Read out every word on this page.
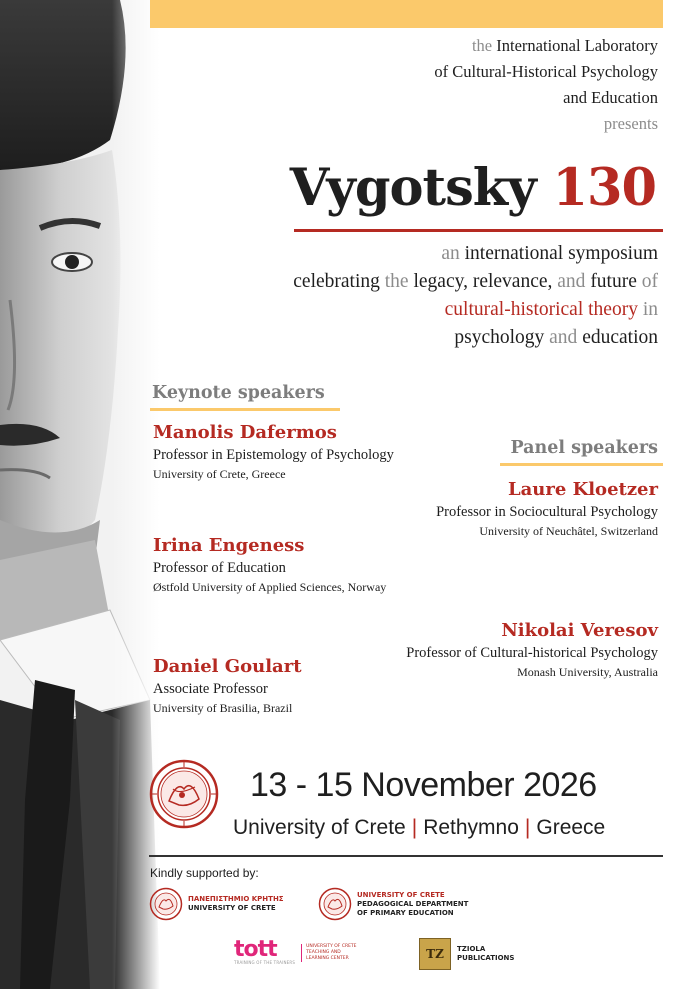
the International Laboratory
of Cultural-Historical Psychology
and Education
presents
Vygotsky 130
an international symposium
celebrating the legacy, relevance, and future of
cultural-historical theory in
psychology and education
Keynote speakers
Manolis Dafermos
Professor in Epistemology of Psychology
University of Crete, Greece
Irina Engeness
Professor of Education
Østfold University of Applied Sciences, Norway
Daniel Goulart
Associate Professor
University of Brasilia, Brazil
Panel speakers
Laure Kloetzer
Professor in Sociocultural Psychology
University of Neuchâtel, Switzerland
Nikolai Veresov
Professor of Cultural-historical Psychology
Monash University, Australia
13 - 15 November 2026
University of Crete | Rethymno | Greece
Kindly supported by:
ΠΑΝΕΠΙΣΤΗΜΙΟ ΚΡΗΤΗΣ
UNIVERSITY OF CRETE
UNIVERSITY OF CRETE
PEDAGOGICAL DEPARTMENT
OF PRIMARY EDUCATION
tott
TRAINING OF THE TRAINERS
UNIVERSITY OF CRETE
TEACHING AND
LEARNING CENTER	TZ	TZIOLA
PUBLICATIONS
